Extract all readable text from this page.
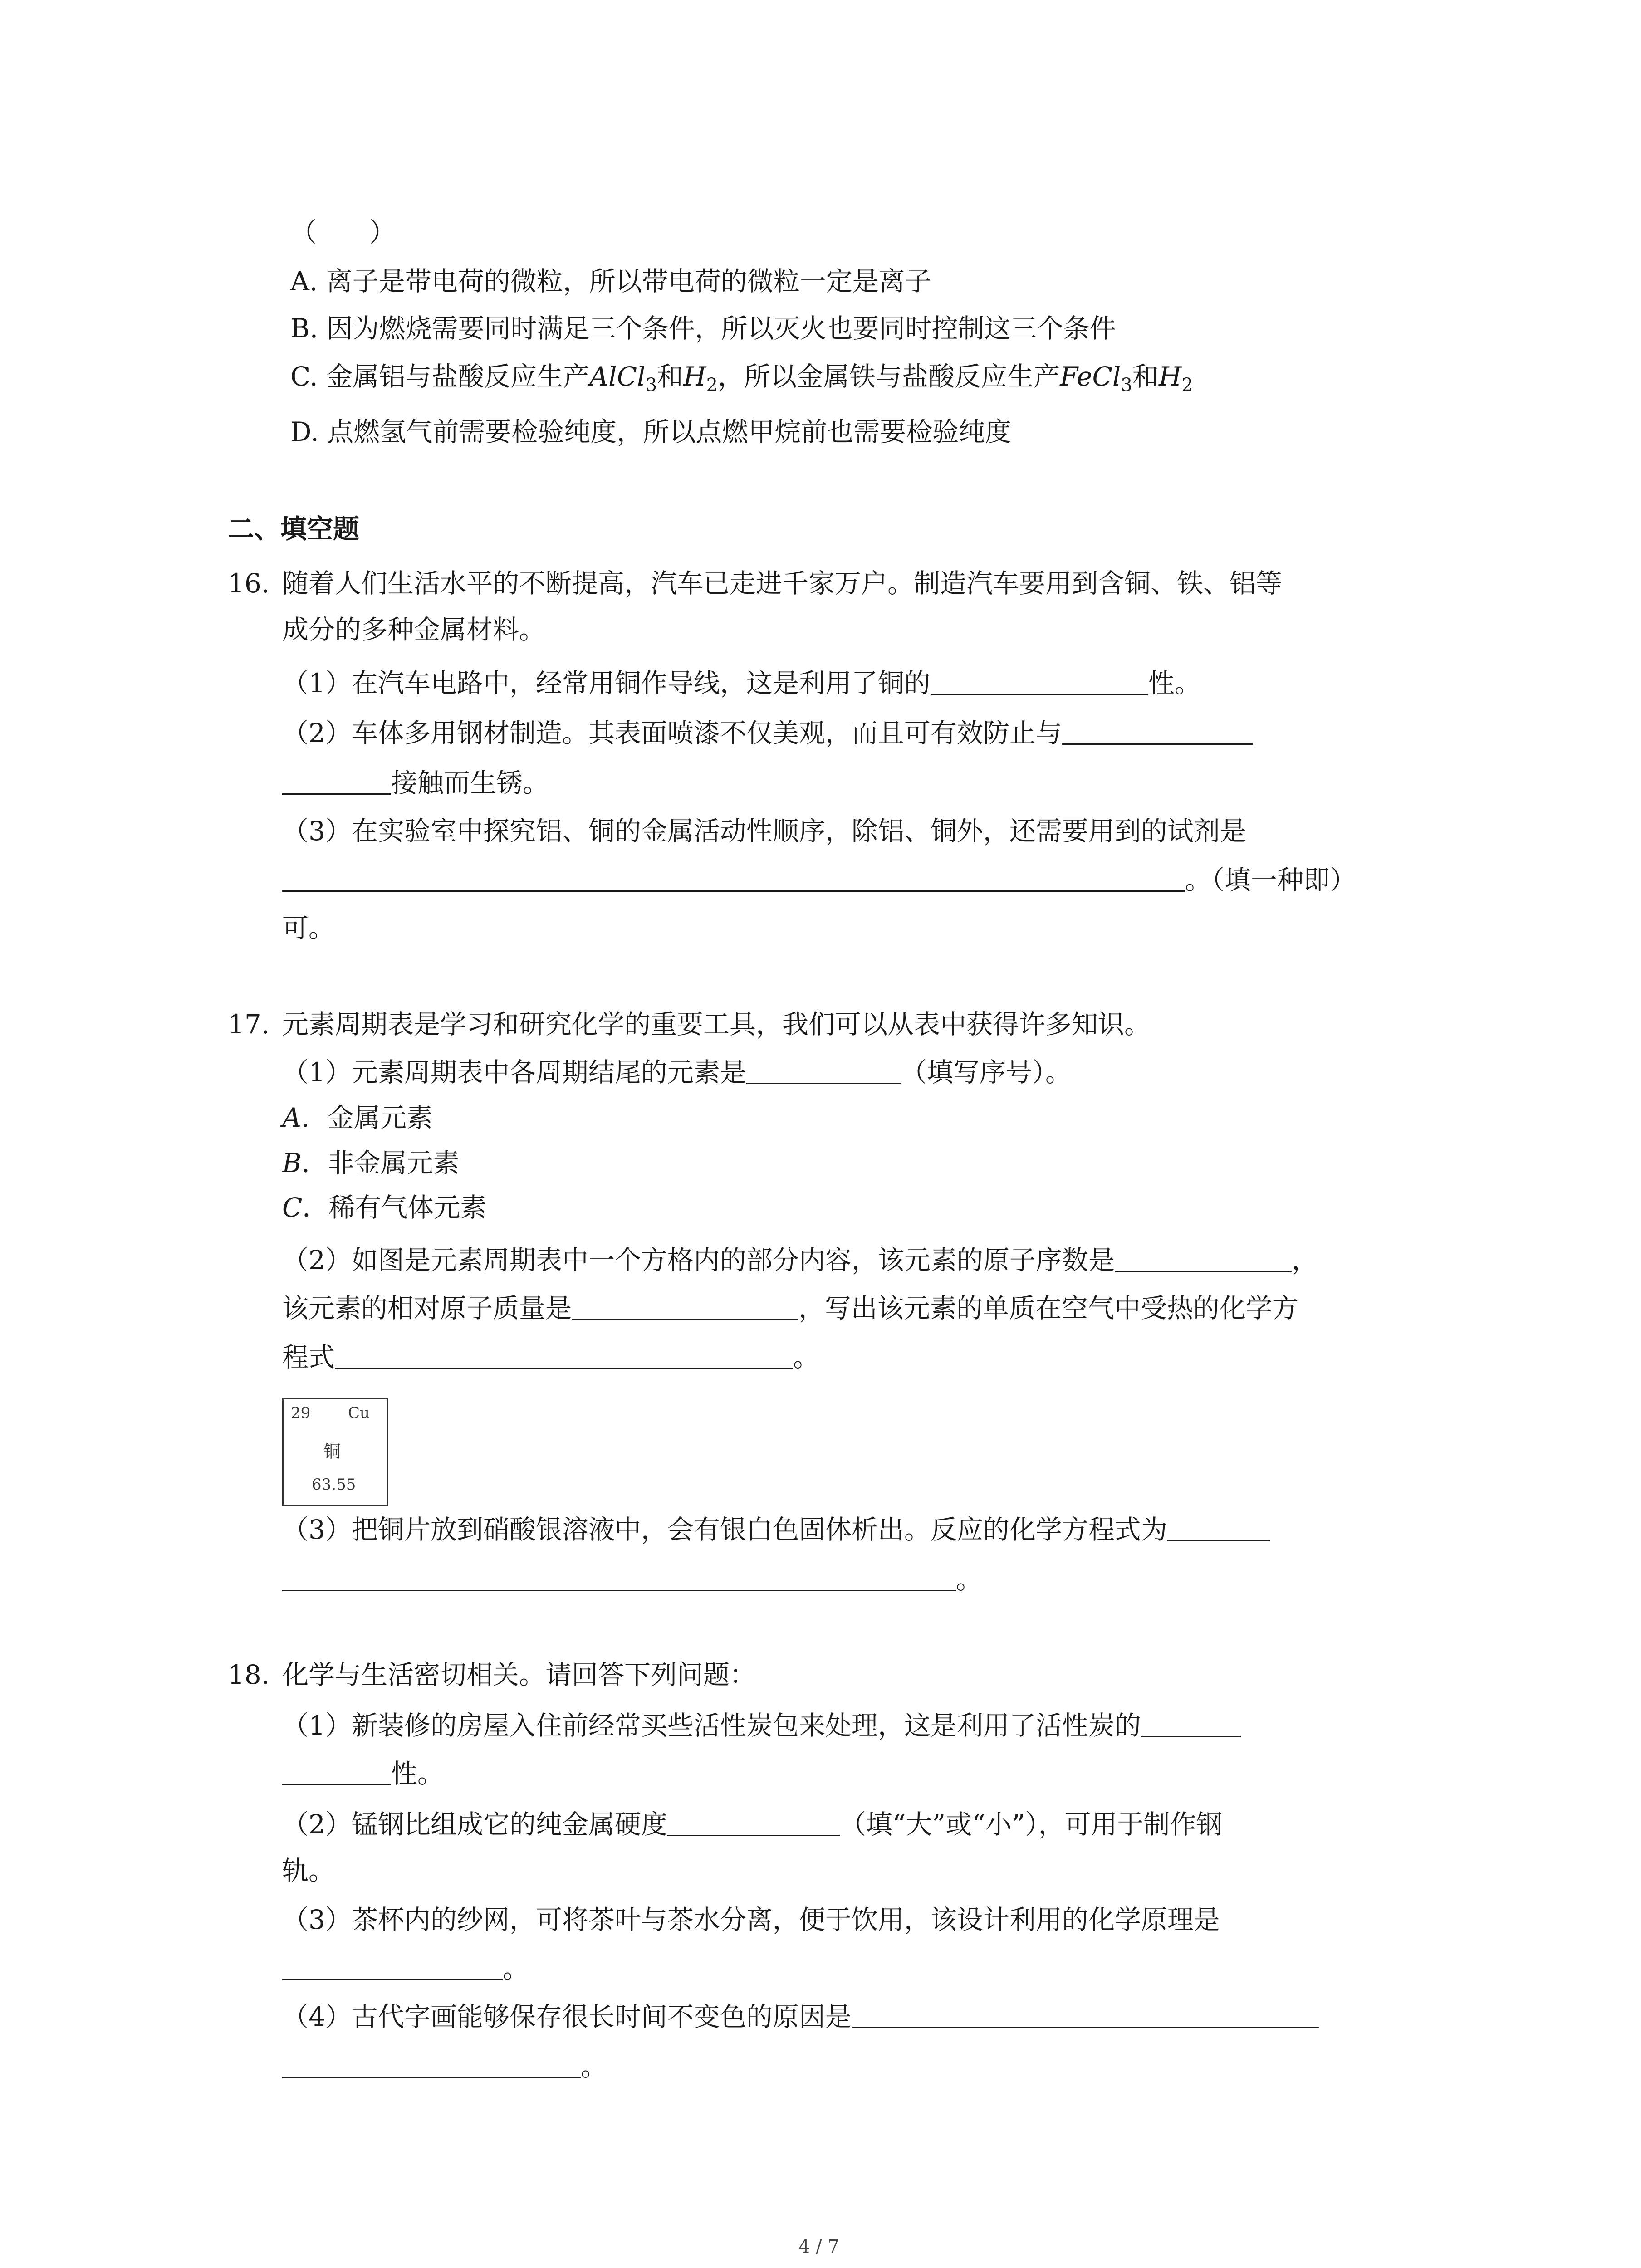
（　　）
A. 离子是带电荷的微粒，所以带电荷的微粒一定是离子
B. 因为燃烧需要同时满足三个条件，所以灭火也要同时控制这三个条件
C. 金属铝与盐酸反应生产AlCl$_3$和$H_2$，所以金属铁与盐酸反应生产FeCl$_3$和$H_2$
D. 点燃氢气前需要检验纯度，所以点燃甲烷前也需要检验纯度
二、填空题
16. 随着人们生活水平的不断提高，汽车已走进千家万户。制造汽车要用到含铜、铁、铝等
成分的多种金属材料。
（1）在汽车电路中，经常用铜作导线，这是利用了铜的	性。
（2）车体多用钢材制造。其表面喷漆不仅美观，而且可有效防止与
接触而生锈。
（3）在实验室中探究铝、铜的金属活动性顺序，除铝、铜外，还需要用到的试剂是
。（填一种即）
可。
17. 元素周期表是学习和研究化学的重要工具，我们可以从表中获得许多知识。
（1）元素周期表中各周期结尾的元素是	（填写序号）。
A．金属元素
B．非金属元素
C．稀有气体元素
（2）如图是元素周期表中一个方格内的部分内容，该元素的原子序数是	，
该元素的相对原子质量是	，写出该元素的单质在空气中受热的化学方
程式	。
29 Cu
铜
63.55
（3）把铜片放到硝酸银溶液中，会有银白色固体析出。反应的化学方程式为
。
18. 化学与生活密切相关。请回答下列问题：
（1）新装修的房屋入住前经常买些活性炭包来处理，这是利用了活性炭的
性。
（2）锰钢比组成它的纯金属硬度	（填“大”或“小”），可用于制作钢
轨。
（3）茶杯内的纱网，可将茶叶与茶水分离，便于饮用，该设计利用的化学原理是
。
（4）古代字画能够保存很长时间不变色的原因是
。
4 / 7
